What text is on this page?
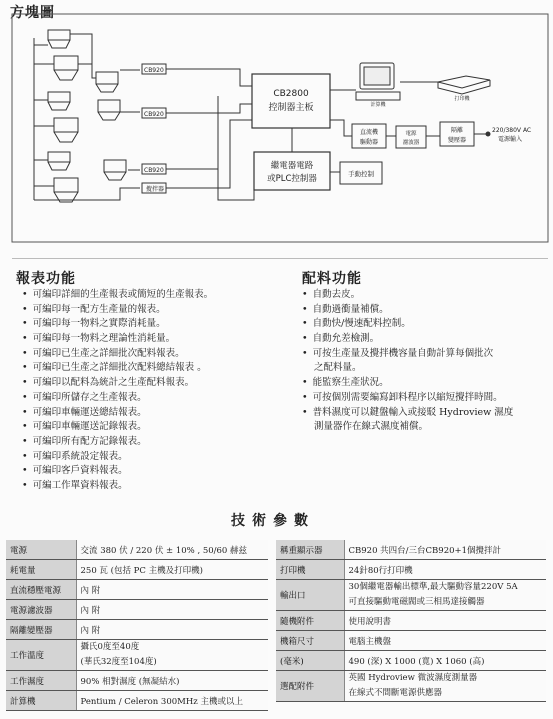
方塊圖
CB920
CB920
CB920
攪拌器
CB2800
控制器主板
繼電器電路
或PLC控制器
計算機
打印機
直流機
驅動器
電源
濾波器
隔離
變壓器
220/380V AC
電源輸入
手動控制
報表功能
• 可編印詳細的生產報表或簡短的生產報表。
• 可編印每一配方生產量的報表。
• 可編印每一物料之實際消耗量。
• 可編印每一物料之理論性消耗量。
• 可編印已生產之詳細批次配料報表。
• 可編印已生產之詳細批次配料總結報表 。
• 可編印以配料為統計之生產配料報表。
• 可編印所儲存之生產報表。
• 可編印車輛運送總結報表。
• 可編印車輛運送記錄報表。
• 可編印所有配方記錄報表。
• 可編印系統設定報表。
• 可編印客戶資料報表。
• 可編工作單資料報表。
配料功能
• 自動去皮。
• 自動過衝量補償。
• 自動快/慢速配料控制。
• 自動允差檢測。
• 可按生產量及攪拌機容量自動計算每個批次
之配料量。
• 能監察生產狀況。
• 可按個別需要編寫卸料程序以縮短攪拌時間。
• 普料濕度可以鍵盤輸入或接駁 Hydroview 濕度
測量器作在線式濕度補償。
技術參數
電源	交流 380 伏 / 220 伏 ± 10% , 50/60 赫兹
耗電量	250 瓦 (包括 PC 主機及打印機)
直流穩壓電源	內 附
電源濾波器	內 附
隔離變壓器	內 附
工作溫度	攝氏0度至40度
(華氏32度至104度)

工作濕度	90% 相對濕度 (無凝結水)
計算機	Pentium / Celeron 300MHz 主機或以上
稱重顯示器	CB920 共四台/三台CB920+1個攪拌計
打印機	24針80行打印機
輸出口	30個繼電器輸出標準,最大驅動容量220V 5A
可直接驅動電磁閥或三相馬達接觸器

隨機附件	使用說明書
機箱尺寸	電腦主機盤
(毫米)	490 (深) X 1000 (寬) X 1060 (高)
選配附件	英國 Hydroview 微波濕度測量器
在線式不間斷電源供應器
